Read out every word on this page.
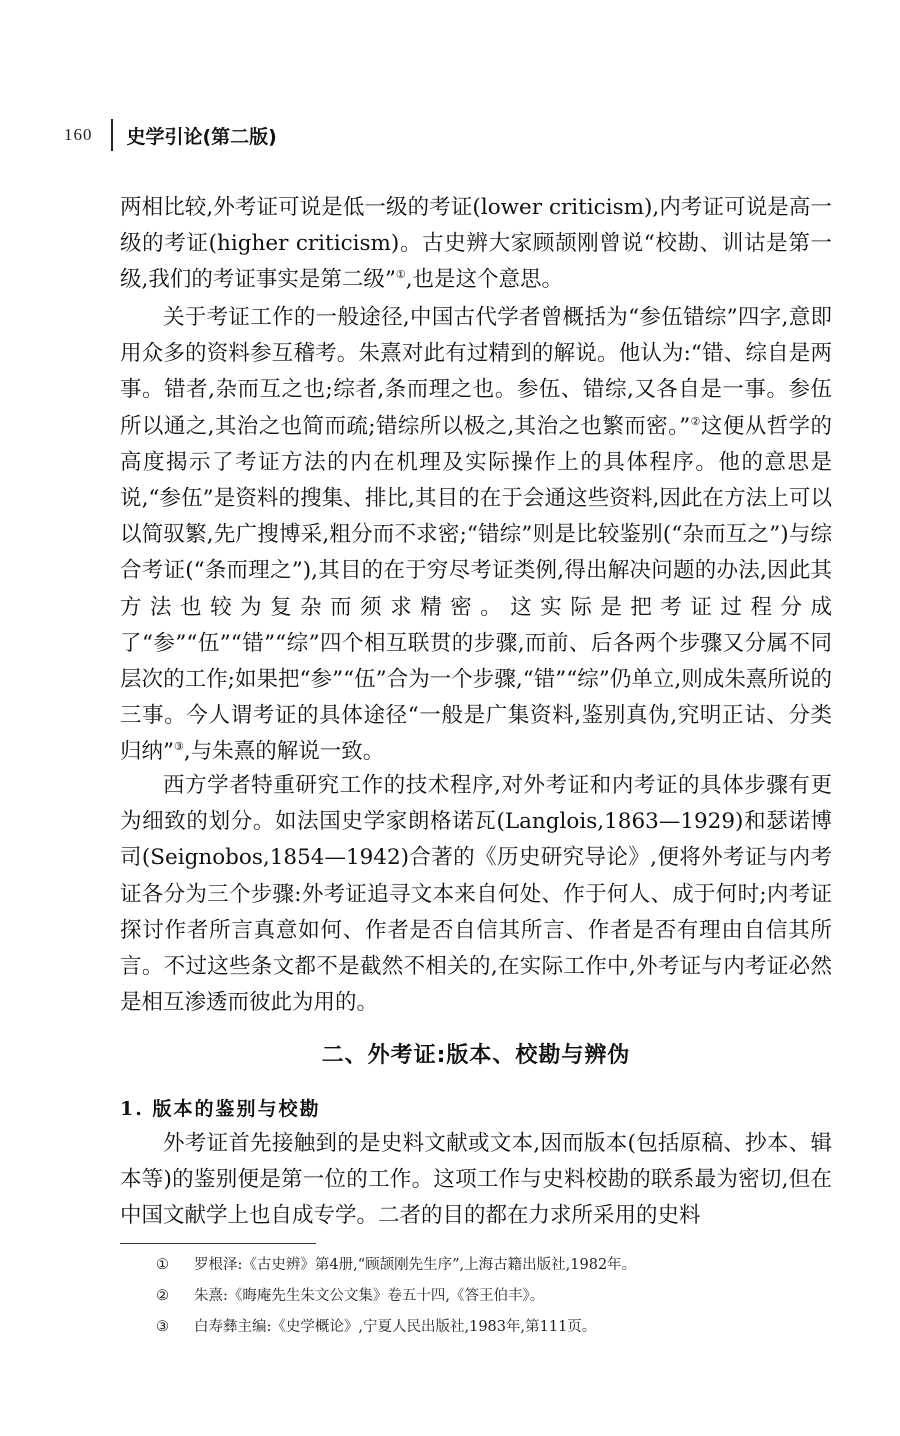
160 史学引论(第二版)

两相比较,外考证可说是低一级的考证(lower criticism),内考证可说是高一级的考证(higher criticism)。古史辨大家顾颉刚曾说“校勘、训诂是第一级,我们的考证事实是第二级”①,也是这个意思。

关于考证工作的一般途径,中国古代学者曾概括为“参伍错综”四字,意即用众多的资料参互稽考。朱熹对此有过精到的解说。他认为:“错、综自是两事。错者,杂而互之也;综者,条而理之也。参伍、错综,又各自是一事。参伍所以通之,其治之也简而疏;错综所以极之,其治之也繁而密。”②这便从哲学的高度揭示了考证方法的内在机理及实际操作上的具体程序。他的意思是说,“参伍”是资料的搜集、排比,其目的在于会通这些资料,因此在方法上可以以简驭繁,先广搜博采,粗分而不求密;“错综”则是比较鉴别(“杂而互之”)与综合考证(“条而理之”),其目的在于穷尽考证类例,得出解决问题的办法,因此其方法也较为复杂而须求精密。这实际是把考证过程分成了“参”“伍”“错”“综”四个相互联贯的步骤,而前、后各两个步骤又分属不同层次的工作;如果把“参”“伍”合为一个步骤,“错”“综”仍单立,则成朱熹所说的三事。今人谓考证的具体途径“一般是广集资料,鉴别真伪,究明正诂、分类归纳”③,与朱熹的解说一致。

西方学者特重研究工作的技术程序,对外考证和内考证的具体步骤有更为细致的划分。如法国史学家朗格诺瓦(Langlois,1863—1929)和瑟诺博司(Seignobos,1854—1942)合著的《历史研究导论》,便将外考证与内考证各分为三个步骤:外考证追寻文本来自何处、作于何人、成于何时;内考证探讨作者所言真意如何、作者是否自信其所言、作者是否有理由自信其所言。不过这些条文都不是截然不相关的,在实际工作中,外考证与内考证必然是相互渗透而彼此为用的。

二、外考证:版本、校勘与辨伪
1. 版本的鉴别与校勘

外考证首先接触到的是史料文献或文本,因而版本(包括原稿、抄本、辑本等)的鉴别便是第一位的工作。这项工作与史料校勘的联系最为密切,但在中国文献学上也自成专学。二者的目的都在力求所采用的史料

①	罗根泽:《古史辨》第4册,“顾颉刚先生序”,上海古籍出版社,1982年。
②	朱熹:《晦庵先生朱文公文集》卷五十四,《答王伯丰》。
③	白寿彝主编:《史学概论》,宁夏人民出版社,1983年,第111页。
